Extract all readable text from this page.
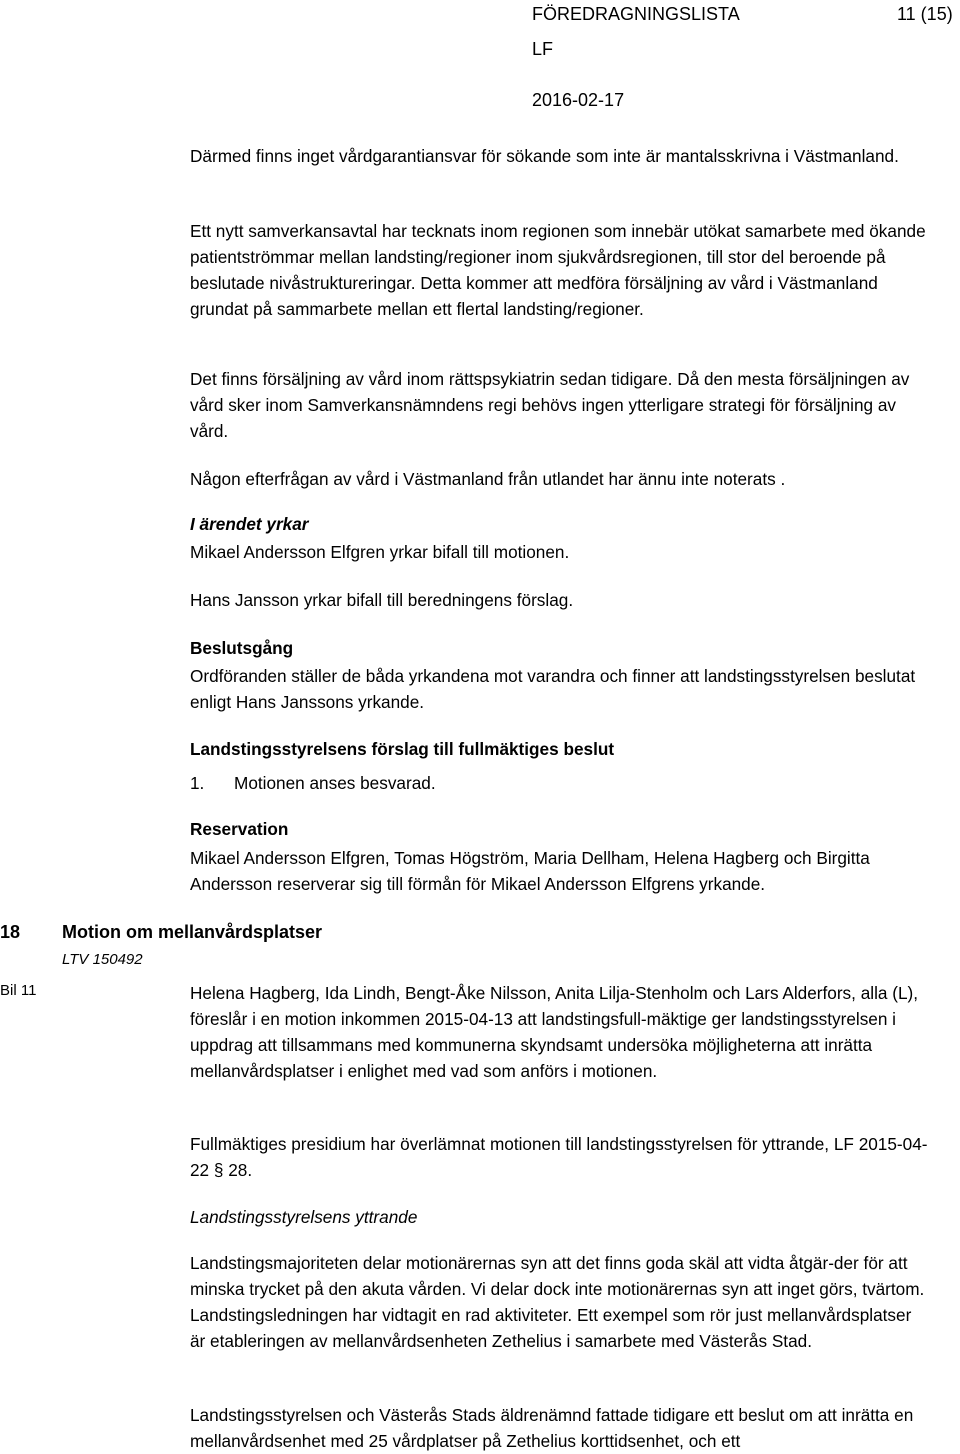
FÖREDRAGNINGSLISTA	11 (15)
LF
2016-02-17

Därmed finns inget vårdgarantiansvar för sökande som inte är mantalsskrivna i Västmanland.

Ett nytt samverkansavtal har tecknats inom regionen som innebär utökat samarbete med ökande patientströmmar mellan landsting/regioner inom sjukvårdsregionen, till stor del beroende på beslutade nivåstruktureringar. Detta kommer att medföra försäljning av vård i Västmanland grundat på sammarbete mellan ett flertal landsting/regioner.

Det finns försäljning av vård inom rättspsykiatrin sedan tidigare. Då den mesta försäljningen av vård sker inom Samverkansnämndens regi behövs ingen ytterligare strategi för försäljning av vård.

Någon efterfrågan av vård i Västmanland från utlandet har ännu inte noterats .

I ärendet yrkar

Mikael Andersson Elfgren yrkar bifall till motionen.

Hans Jansson yrkar bifall till beredningens förslag.

Beslutsgång

Ordföranden ställer de båda yrkandena mot varandra och finner att landstingsstyrelsen beslutat enligt Hans Janssons yrkande.

Landstingsstyrelsens förslag till fullmäktiges beslut
1. Motionen anses besvarad.
Reservation

Mikael Andersson Elfgren, Tomas Högström, Maria Dellham, Helena Hagberg och Birgitta Andersson reserverar sig till förmån för Mikael Andersson Elfgrens yrkande.

18 Motion om mellanvårdsplatser
LTV 150492
Bil 11	Helena Hagberg, Ida Lindh, Bengt-Åke Nilsson, Anita Lilja-Stenholm och Lars Alderfors, alla (L), föreslår i en motion inkommen 2015-04-13 att landstingsfull-mäktige ger landstingsstyrelsen i uppdrag att tillsammans med kommunerna skyndsamt undersöka möjligheterna att inrätta mellanvårdsplatser i enlighet med vad som anförs i motionen.

Fullmäktiges presidium har överlämnat motionen till landstingsstyrelsen för yttrande, LF 2015-04-22 § 28.

Landstingsstyrelsens yttrande

Landstingsmajoriteten delar motionärernas syn att det finns goda skäl att vidta åtgär-der för att minska trycket på den akuta vården. Vi delar dock inte motionärernas syn att inget görs, tvärtom. Landstingsledningen har vidtagit en rad aktiviteter. Ett exempel som rör just mellanvårdsplatser är etableringen av mellanvårdsenheten Zethelius i samarbete med Västerås Stad.

Landstingsstyrelsen och Västerås Stads äldrenämnd fattade tidigare ett beslut om att inrätta en mellanvårdsenhet med 25 vårdplatser på Zethelius korttidsenhet, och ett
